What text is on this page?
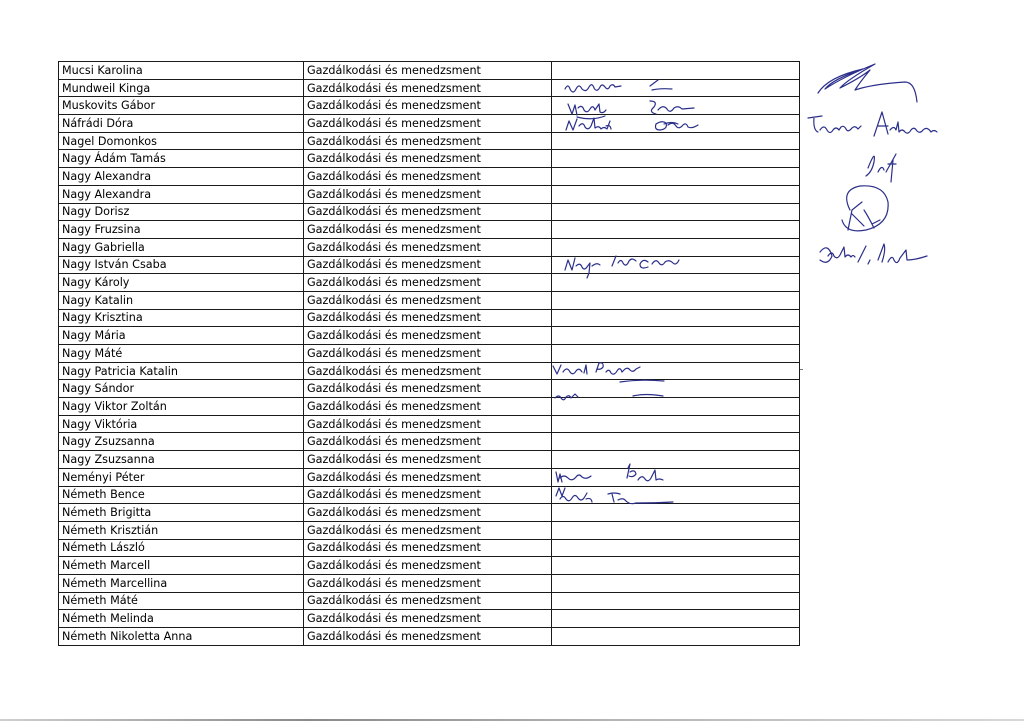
Mucsi Karolina	Gazdálkodási és menedzsment	
Mundweil Kinga	Gazdálkodási és menedzsment	
Muskovits Gábor	Gazdálkodási és menedzsment	
Náfrádi Dóra	Gazdálkodási és menedzsment	
Nagel Domonkos	Gazdálkodási és menedzsment	
Nagy Ádám Tamás	Gazdálkodási és menedzsment	
Nagy Alexandra	Gazdálkodási és menedzsment	
Nagy Alexandra	Gazdálkodási és menedzsment	
Nagy Dorisz	Gazdálkodási és menedzsment	
Nagy Fruzsina	Gazdálkodási és menedzsment	
Nagy Gabriella	Gazdálkodási és menedzsment	
Nagy István Csaba	Gazdálkodási és menedzsment	
Nagy Károly	Gazdálkodási és menedzsment	
Nagy Katalin	Gazdálkodási és menedzsment	
Nagy Krisztina	Gazdálkodási és menedzsment	
Nagy Mária	Gazdálkodási és menedzsment	
Nagy Máté	Gazdálkodási és menedzsment	
Nagy Patricia Katalin	Gazdálkodási és menedzsment	
Nagy Sándor	Gazdálkodási és menedzsment	
Nagy Viktor Zoltán	Gazdálkodási és menedzsment	
Nagy Viktória	Gazdálkodási és menedzsment	
Nagy Zsuzsanna	Gazdálkodási és menedzsment	
Nagy Zsuzsanna	Gazdálkodási és menedzsment	
Neményi Péter	Gazdálkodási és menedzsment	
Németh Bence	Gazdálkodási és menedzsment	
Németh Brigitta	Gazdálkodási és menedzsment	
Németh Krisztián	Gazdálkodási és menedzsment	
Németh László	Gazdálkodási és menedzsment	
Németh Marcell	Gazdálkodási és menedzsment	
Németh Marcellina	Gazdálkodási és menedzsment	
Németh Máté	Gazdálkodási és menedzsment	
Németh Melinda	Gazdálkodási és menedzsment	
Németh Nikoletta Anna	Gazdálkodási és menedzsment	
